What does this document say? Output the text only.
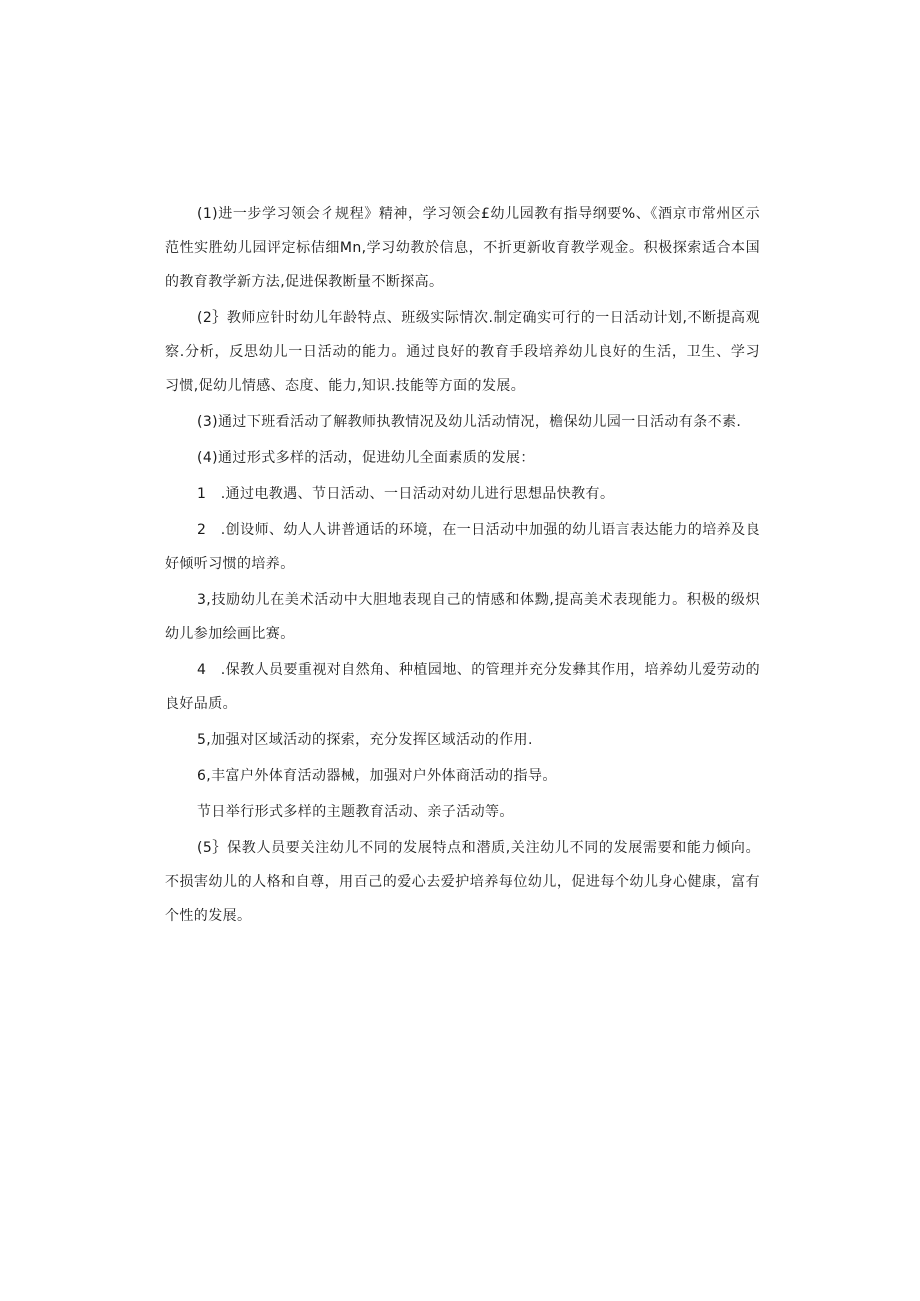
(1)进一步学习领会彳规程》精神，学习领会£幼儿园教有指导纲要%、《酒京市常州区示范性实胜幼儿园评定标佶细Mn,学习幼教於信息，不折更新收育教学观金。积极探索适合本国的教育教学新方法,促进保教断量不断探高。

(2｝教师应针时幼儿年龄特点、班级实际情次.制定确实可行的一日活动计划,不断提高观察.分析，反思幼儿一日活动的能力。通过良好的教育手段培养幼儿良好的生活，卫生、学习习惯,促幼儿情感、态度、能力,知识.技能等方面的发展。

(3)通过下班看活动了解教师执教情况及幼儿活动情况，檐保幼儿园一日活动有条不素.

(4)通过形式多样的活动，促进幼儿全面素质的发展：

1　.通过电教遇、节日活动、一日活动对幼儿进行思想品快教有。

2　.创设师、幼人人讲普通话的环境，在一日活动中加强的幼儿语言表达能力的培养及良好倾听习惯的培养。

3,技励幼儿在美术活动中大胆地表现自己的情感和体黝,提高美术表现能力。积极的级炽幼儿参加绘画比赛。

4　.保教人员要重视对自然角、种植园地、的管理并充分发彝其作用，培养幼儿爱劳动的良好品质。

5,加强对区域活动的探索，充分发挥区域活动的作用.

6,丰富户外体育活动器械，加强对户外体商活动的指导。

节日举行形式多样的主题教育活动、亲子活动等。

(5｝保教人员要关注幼儿不同的发展特点和潜质,关注幼儿不同的发展需要和能力倾向。不损害幼儿的人格和自尊，用百己的爱心去爱护培养每位幼儿，促进每个幼儿身心健康，富有个性的发展。
